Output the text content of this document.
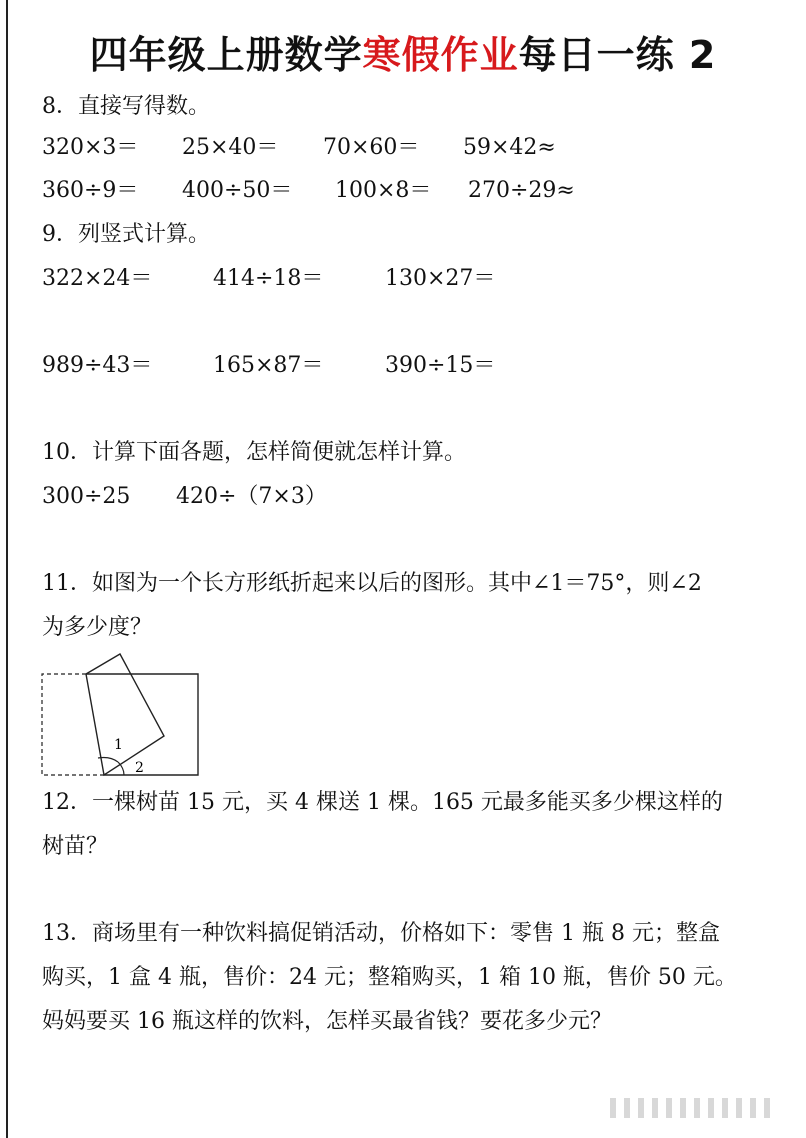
四年级上册数学寒假作业每日一练 2
8．直接写得数。
320×3＝ 25×40＝ 70×60＝ 59×42≈
360÷9＝ 400÷50＝ 100×8＝ 270÷29≈
9．列竖式计算。
322×24＝	414÷18＝	130×27＝
989÷43＝	165×87＝	390÷15＝
10．计算下面各题，怎样简便就怎样计算。
300÷25 420÷（7×3）
11．如图为一个长方形纸折起来以后的图形。其中∠1＝75°，则∠2
为多少度？
1
2
12．一棵树苗 15 元，买 4 棵送 1 棵。165 元最多能买多少棵这样的
树苗？
13．商场里有一种饮料搞促销活动，价格如下：零售 1 瓶 8 元；整盒
购买，1 盒 4 瓶，售价：24 元；整箱购买，1 箱 10 瓶，售价 50 元。
妈妈要买 16 瓶这样的饮料，怎样买最省钱？要花多少元？
